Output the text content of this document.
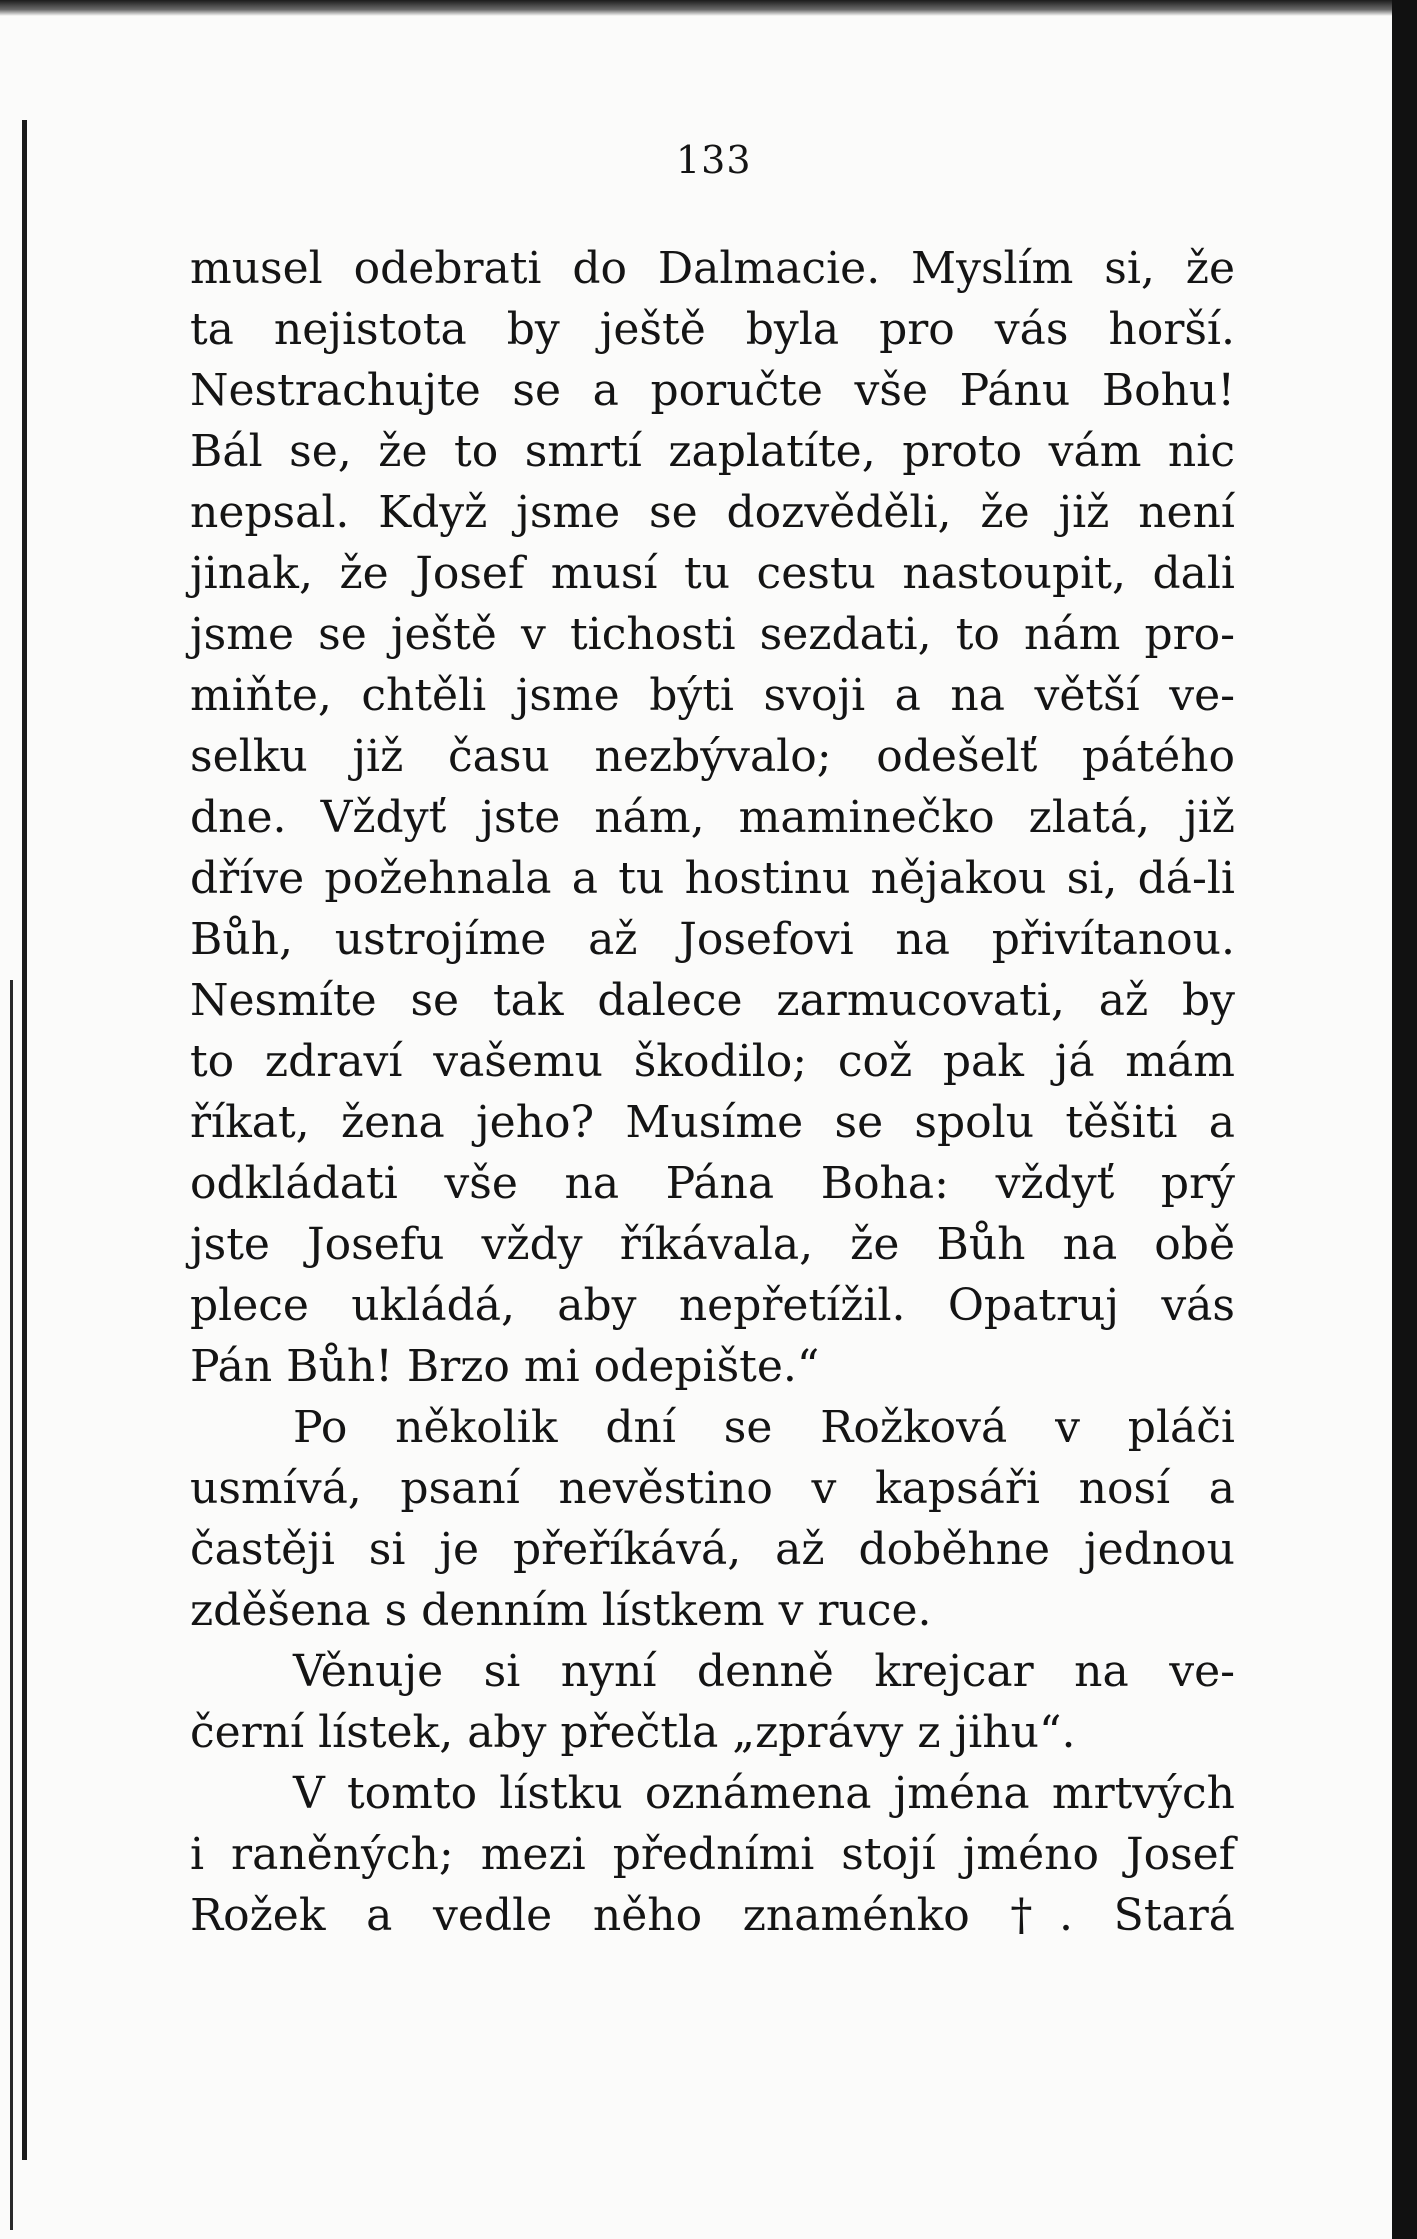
133
musel odebrati do Dalmacie. Myslím si, že
ta nejistota by ještě byla pro vás horší.
Nestrachujte se a poručte vše Pánu Bohu!
Bál se, že to smrtí zaplatíte, proto vám nic
nepsal. Když jsme se dozvěděli, že již není
jinak, že Josef musí tu cestu nastoupit, dali
jsme se ještě v tichosti sezdati, to nám pro-
miňte, chtěli jsme býti svoji a na větší ve-
selku již času nezbývalo; odešelť pátého
dne. Vždyť jste nám, maminečko zlatá, již
dříve požehnala a tu hostinu nějakou si, dá-li
Bůh, ustrojíme až Josefovi na přivítanou.
Nesmíte se tak dalece zarmucovati, až by
to zdraví vašemu škodilo; což pak já mám
říkat, žena jeho? Musíme se spolu těšiti a
odkládati vše na Pána Boha: vždyť prý
jste Josefu vždy říkávala, že Bůh na obě
plece ukládá, aby nepřetížil. Opatruj vás
Pán Bůh! Brzo mi odepište.“
Po několik dní se Rožková v pláči
usmívá, psaní nevěstino v kapsáři nosí a
častěji si je přeříkává, až doběhne jednou
zděšena s denním lístkem v ruce.
Věnuje si nyní denně krejcar na ve-
černí lístek, aby přečtla „zprávy z jihu“.
V tomto lístku oznámena jména mrtvých
i raněných; mezi předními stojí jméno Josef
Rožek a vedle něho znaménko †. Stará
